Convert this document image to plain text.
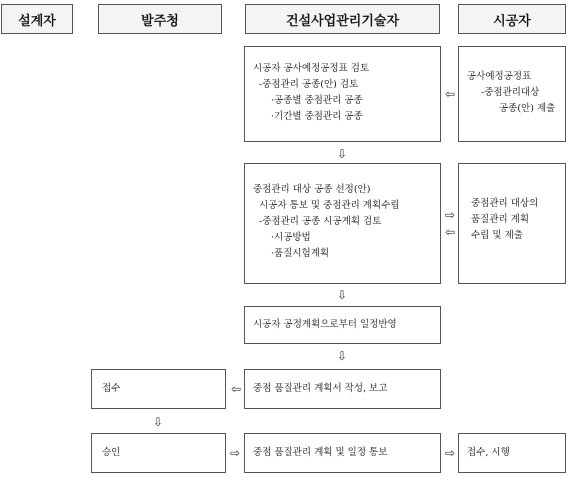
설계자	발주청	건설사업관리기술자	시공자
시공자 공사예정공정표 검토
-중점관리 공종(안) 검토
·공종별 중점관리 공종
·기간별 중점관리 공종
공사예정공정표
-중점관리대상
공종(안) 제출
⇦
⇩
중점관리 대상 공종 선정(안)
시공자 통보 및 중점관리 계획수립
-중점관리 공종 시공계획 검토
·시공방법
·품질시험계획
중점관리 대상의
품질관리 계획
수립 및 제출
⇨
⇦
⇩
시공자 공정계획으로부터 일정반영
⇩
접수	⇦ 중점 품질관리 계획서 작성, 보고
⇩
승인	⇨ 중점 품질관리 계획 및 일정 통보	⇨ 접수, 시행
